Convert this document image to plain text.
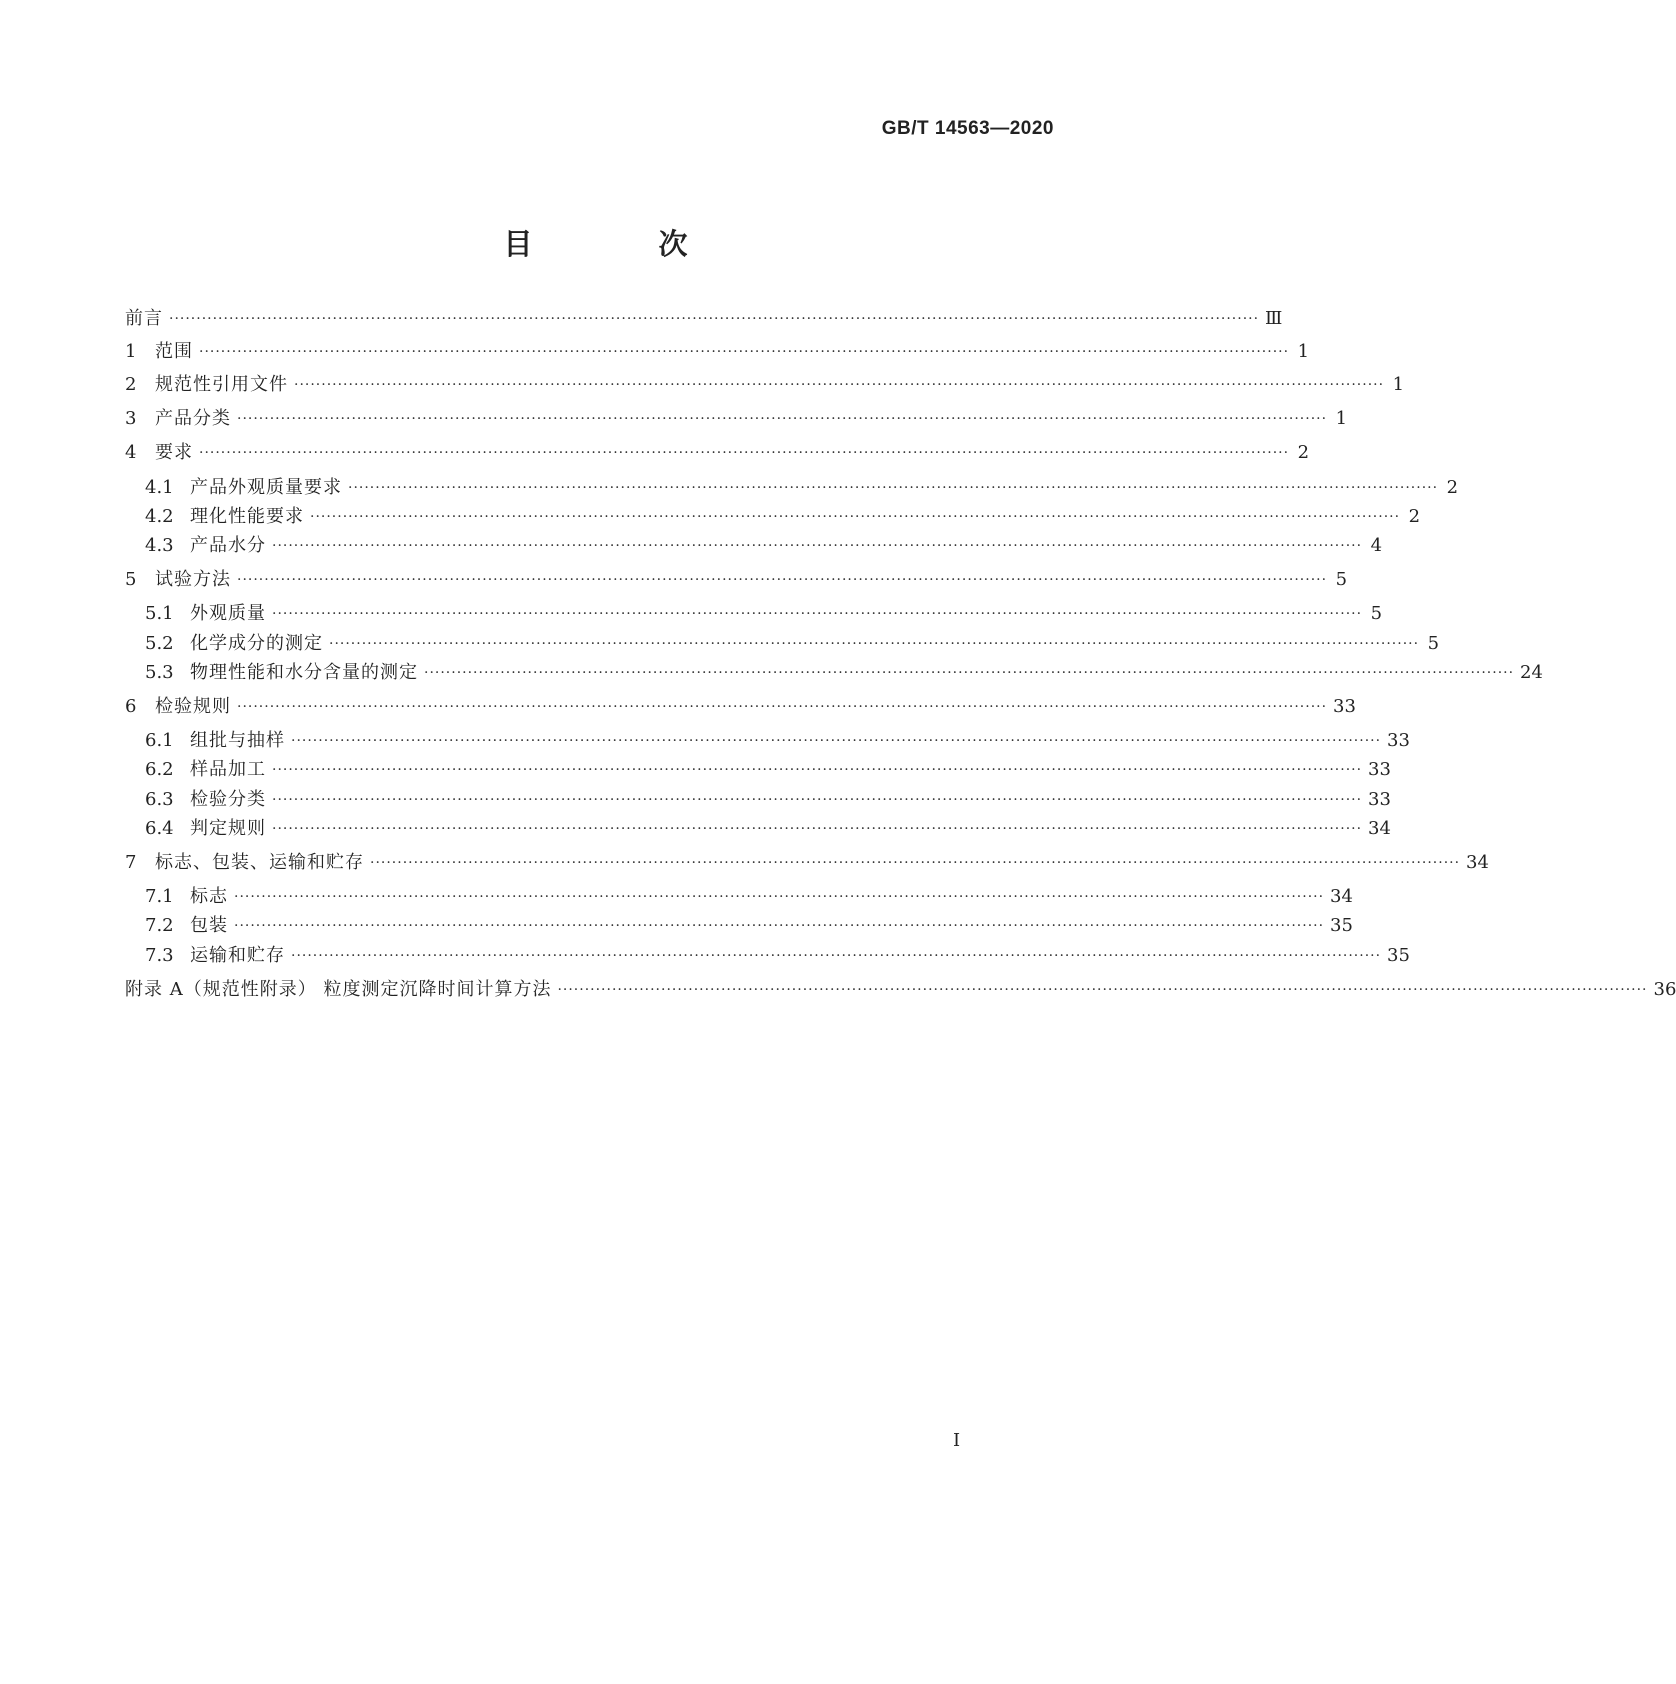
GB/T 14563—2020
目 次
前言 ········································································································································································································ Ⅲ
1	范围 ········································································································································································································ 1
2	规范性引用文件 ········································································································································································································ 1
3	产品分类 ········································································································································································································ 1
4	要求 ········································································································································································································ 2
4.1 产品外观质量要求 ········································································································································································································ 2
4.2 理化性能要求 ········································································································································································································ 2
4.3 产品水分 ········································································································································································································ 4
5	试验方法 ········································································································································································································ 5
5.1 外观质量 ········································································································································································································ 5
5.2 化学成分的测定 ········································································································································································································ 5
5.3 物理性能和水分含量的测定 ········································································································································································································ 24
6	检验规则 ········································································································································································································ 33
6.1 组批与抽样 ········································································································································································································ 33
6.2 样品加工 ········································································································································································································ 33
6.3 检验分类 ········································································································································································································ 33
6.4 判定规则 ········································································································································································································ 34
7	标志、包装、运输和贮存 ········································································································································································································ 34
7.1 标志 ········································································································································································································ 34
7.2 包装 ········································································································································································································ 35
7.3 运输和贮存 ········································································································································································································ 35
附录 A（规范性附录） 粒度测定沉降时间计算方法 ········································································································································································································ 36
I
